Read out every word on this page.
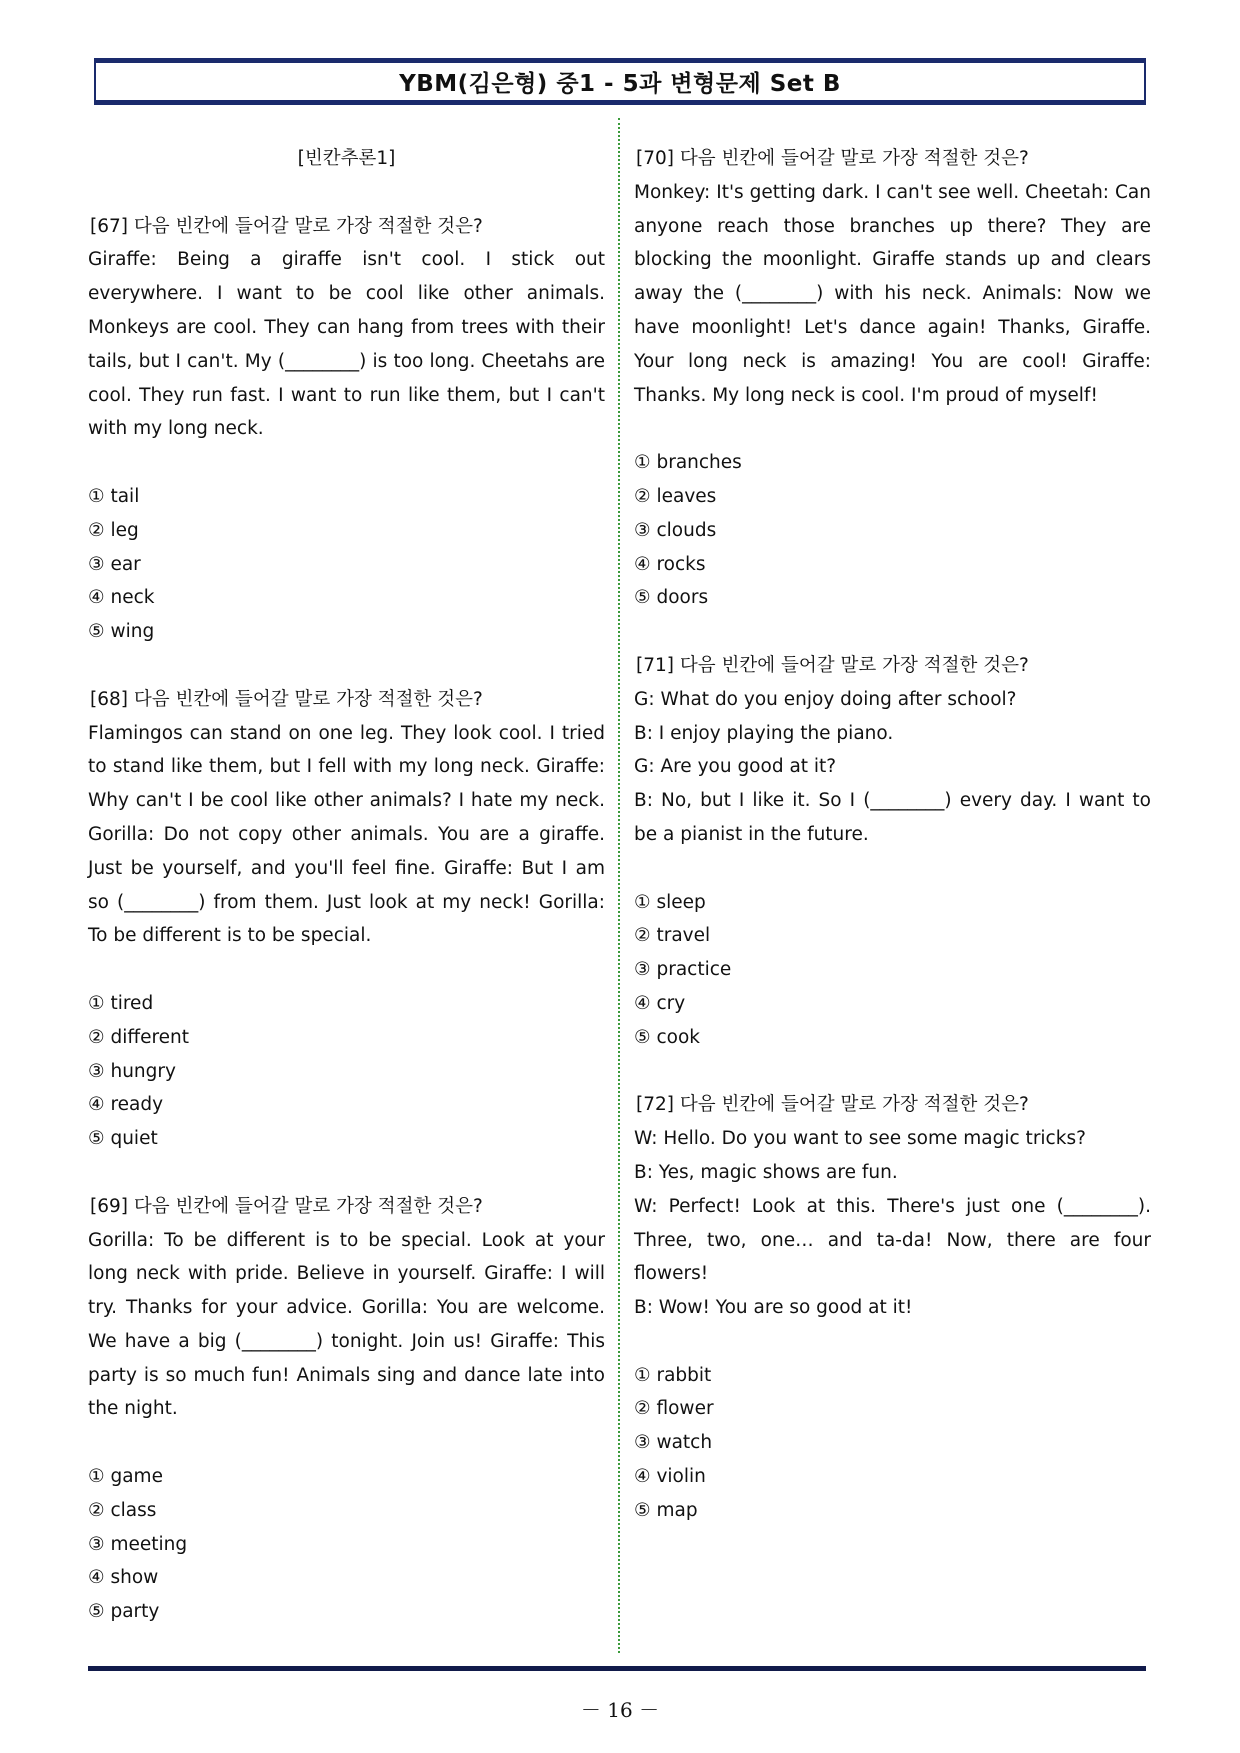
YBM(김은형) 중1 - 5과 변형문제 Set B
[빈칸추론1]
[67] 다음 빈칸에 들어갈 말로 가장 적절한 것은?

Giraffe: Being a giraffe isn't cool. I stick out everywhere. I want to be cool like other animals. Monkeys are cool. They can hang from trees with their tails, but I can't. My (________) is too long. Cheetahs are cool. They run fast. I want to run like them, but I can't with my long neck.

① tail
② leg
③ ear
④ neck
⑤ wing
[68] 다음 빈칸에 들어갈 말로 가장 적절한 것은?

Flamingos can stand on one leg. They look cool. I tried to stand like them, but I fell with my long neck. Giraffe: Why can't I be cool like other animals? I hate my neck. Gorilla: Do not copy other animals. You are a giraffe. Just be yourself, and you'll feel fine. Giraffe: But I am so (________) from them. Just look at my neck! Gorilla: To be different is to be special.

① tired
② different
③ hungry
④ ready
⑤ quiet
[69] 다음 빈칸에 들어갈 말로 가장 적절한 것은?

Gorilla: To be different is to be special. Look at your long neck with pride. Believe in yourself. Giraffe: I will try. Thanks for your advice. Gorilla: You are welcome. We have a big (________) tonight. Join us! Giraffe: This party is so much fun! Animals sing and dance late into the night.

① game
② class
③ meeting
④ show
⑤ party
[70] 다음 빈칸에 들어갈 말로 가장 적절한 것은?

Monkey: It's getting dark. I can't see well. Cheetah: Can anyone reach those branches up there? They are blocking the moonlight. Giraffe stands up and clears away the (________) with his neck. Animals: Now we have moonlight! Let's dance again! Thanks, Giraffe. Your long neck is amazing! You are cool! Giraffe: Thanks. My long neck is cool. I'm proud of myself!

① branches
② leaves
③ clouds
④ rocks
⑤ doors
[71] 다음 빈칸에 들어갈 말로 가장 적절한 것은?

G: What do you enjoy doing after school?

B: I enjoy playing the piano.

G: Are you good at it?

B: No, but I like it. So I (________) every day. I want to be a pianist in the future.

① sleep
② travel
③ practice
④ cry
⑤ cook
[72] 다음 빈칸에 들어갈 말로 가장 적절한 것은?

W: Hello. Do you want to see some magic tricks?

B: Yes, magic shows are fun.

W: Perfect! Look at this. There's just one (________). Three, two, one… and ta-da! Now, there are four flowers!

B: Wow! You are so good at it!

① rabbit
② flower
③ watch
④ violin
⑤ map
－ 16 －
